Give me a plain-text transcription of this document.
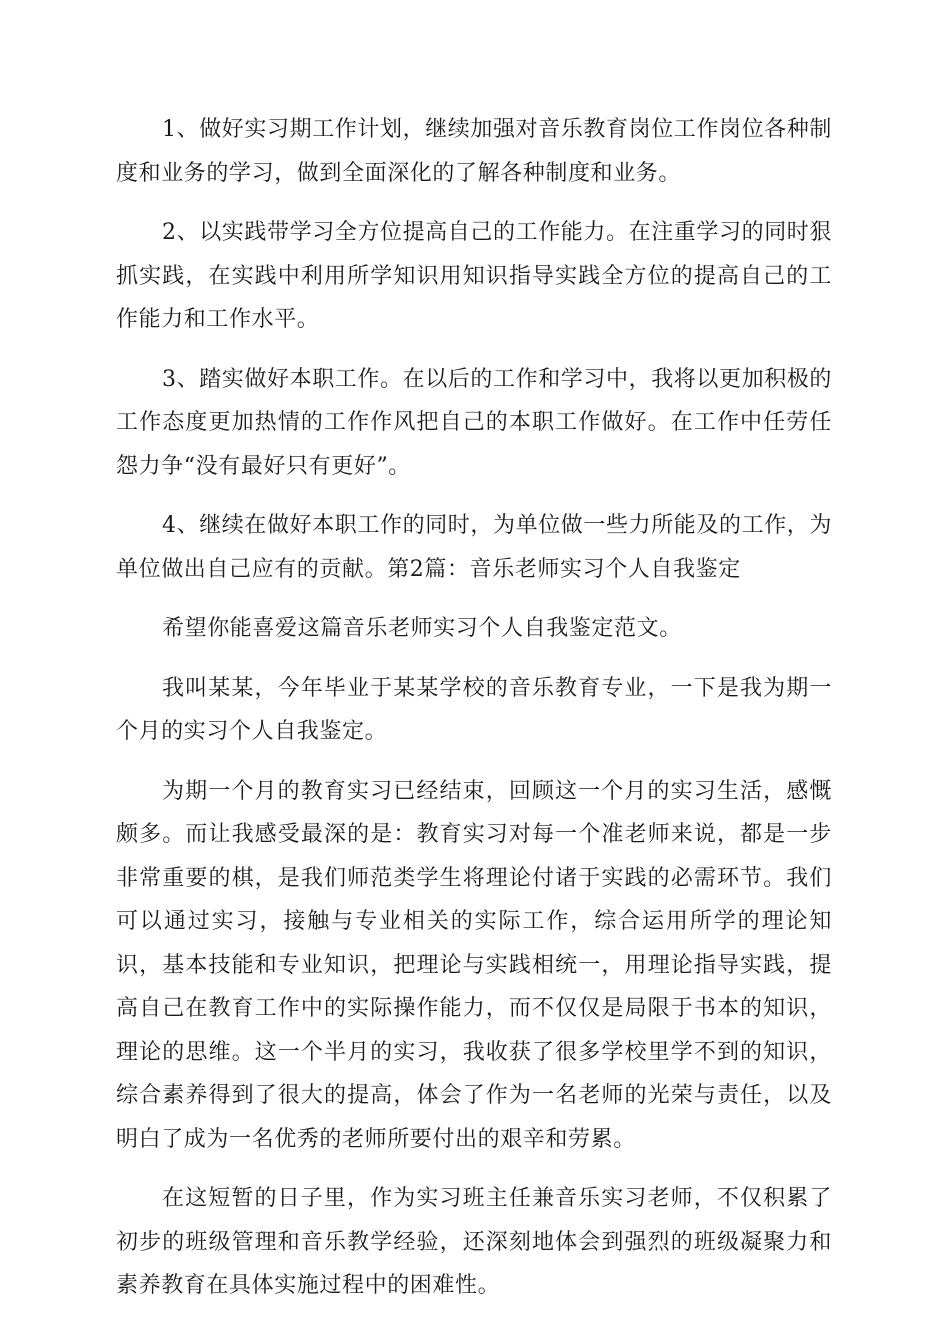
1、做好实习期工作计划，继续加强对音乐教育岗位工作岗位各种制度和业务的学习，做到全面深化的了解各种制度和业务。

2、以实践带学习全方位提高自己的工作能力。在注重学习的同时狠抓实践，在实践中利用所学知识用知识指导实践全方位的提高自己的工作能力和工作水平。

3、踏实做好本职工作。在以后的工作和学习中，我将以更加积极的工作态度更加热情的工作作风把自己的本职工作做好。在工作中任劳任怨力争“没有最好只有更好”。

4、继续在做好本职工作的同时，为单位做一些力所能及的工作，为单位做出自己应有的贡献。第2篇：音乐老师实习个人自我鉴定

希望你能喜爱这篇音乐老师实习个人自我鉴定范文。

我叫某某，今年毕业于某某学校的音乐教育专业，一下是我为期一个月的实习个人自我鉴定。

为期一个月的教育实习已经结束，回顾这一个月的实习生活，感慨颇多。而让我感受最深的是：教育实习对每一个准老师来说，都是一步非常重要的棋，是我们师范类学生将理论付诸于实践的必需环节。我们可以通过实习，接触与专业相关的实际工作，综合运用所学的理论知识，基本技能和专业知识，把理论与实践相统一，用理论指导实践，提高自己在教育工作中的实际操作能力，而不仅仅是局限于书本的知识，理论的思维。这一个半月的实习，我收获了很多学校里学不到的知识，综合素养得到了很大的提高，体会了作为一名老师的光荣与责任，以及明白了成为一名优秀的老师所要付出的艰辛和劳累。

在这短暂的日子里，作为实习班主任兼音乐实习老师，不仅积累了初步的班级管理和音乐教学经验，还深刻地体会到强烈的班级凝聚力和素养教育在具体实施过程中的困难性。
